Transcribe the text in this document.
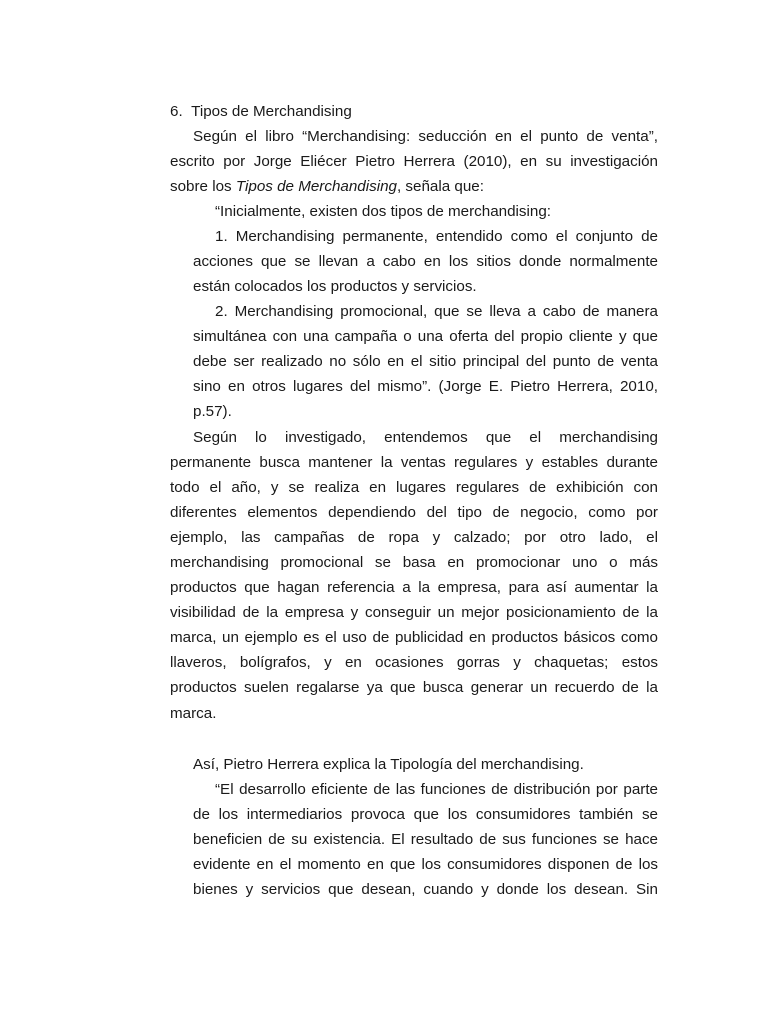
6.  Tipos de Merchandising
Según el libro “Merchandising: seducción en el punto de venta”,
escrito por Jorge Eliécer Pietro Herrera (2010), en su investigación
sobre los Tipos de Merchandising, señala que:
“Inicialmente, existen dos tipos de merchandising:
1. Merchandising permanente, entendido como el conjunto de
acciones que se llevan a cabo en los sitios donde normalmente
están colocados los productos y servicios.
2. Merchandising promocional, que se lleva a cabo de manera
simultánea con una campaña o una oferta del propio cliente y que
debe ser realizado no sólo en el sitio principal del punto de venta
sino en otros lugares del mismo”. (Jorge E. Pietro Herrera, 2010,
p.57).
Según lo investigado, entendemos que el merchandising
permanente busca mantener la ventas regulares y estables durante
todo el año, y se realiza en lugares regulares de exhibición con
diferentes elementos dependiendo del tipo de negocio, como por
ejemplo, las campañas de ropa y calzado; por otro lado, el
merchandising promocional se basa en promocionar uno o más
productos que hagan referencia a la empresa, para así aumentar la
visibilidad de la empresa y conseguir un mejor posicionamiento de la
marca, un ejemplo es el uso de publicidad en productos básicos como
llaveros, bolígrafos, y en ocasiones gorras y chaquetas; estos
productos suelen regalarse ya que busca generar un recuerdo de la
marca.
Así, Pietro Herrera explica la Tipología del merchandising.
“El desarrollo eficiente de las funciones de distribución por parte
de los intermediarios provoca que los consumidores también se
beneficien de su existencia. El resultado de sus funciones se hace
evidente en el momento en que los consumidores disponen de los
bienes y servicios que desean, cuando y donde los desean. Sin
